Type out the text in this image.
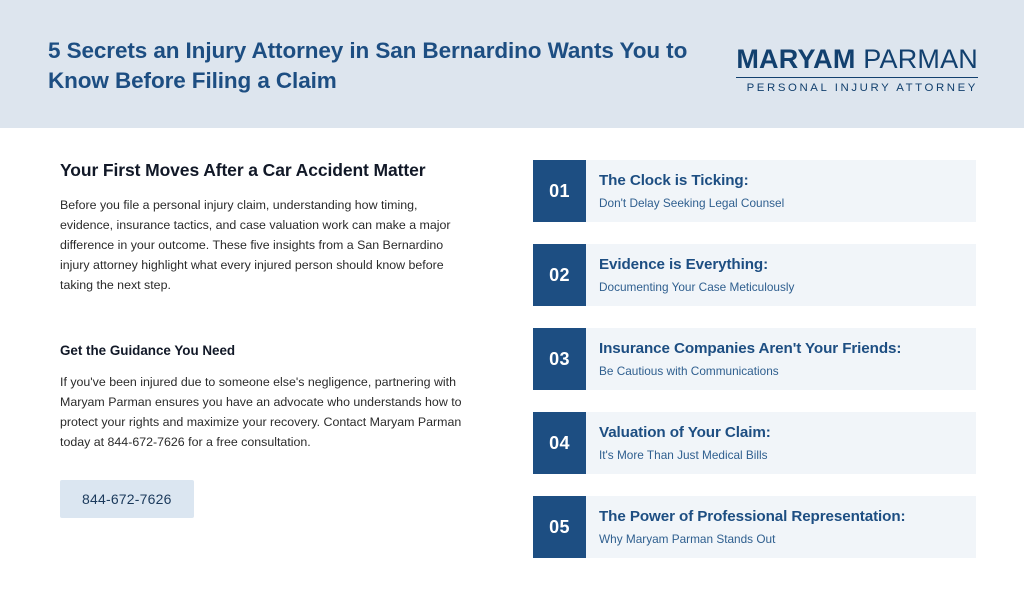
5 Secrets an Injury Attorney in San Bernardino Wants You to Know Before Filing a Claim
MARYAM PARMAN
PERSONAL INJURY ATTORNEY
Your First Moves After a Car Accident Matter

Before you file a personal injury claim, understanding how timing, evidence, insurance tactics, and case valuation work can make a major difference in your outcome. These five insights from a San Bernardino injury attorney highlight what every injured person should know before taking the next step.

Get the Guidance You Need

If you've been injured due to someone else's negligence, partnering with Maryam Parman ensures you have an advocate who understands how to protect your rights and maximize your recovery. Contact Maryam Parman today at 844-672-7626 for a free consultation.

844-672-7626
01
The Clock is Ticking:
Don't Delay Seeking Legal Counsel
02
Evidence is Everything:
Documenting Your Case Meticulously
03
Insurance Companies Aren't Your Friends:
Be Cautious with Communications
04
Valuation of Your Claim:
It's More Than Just Medical Bills
05
The Power of Professional Representation:
Why Maryam Parman Stands Out
